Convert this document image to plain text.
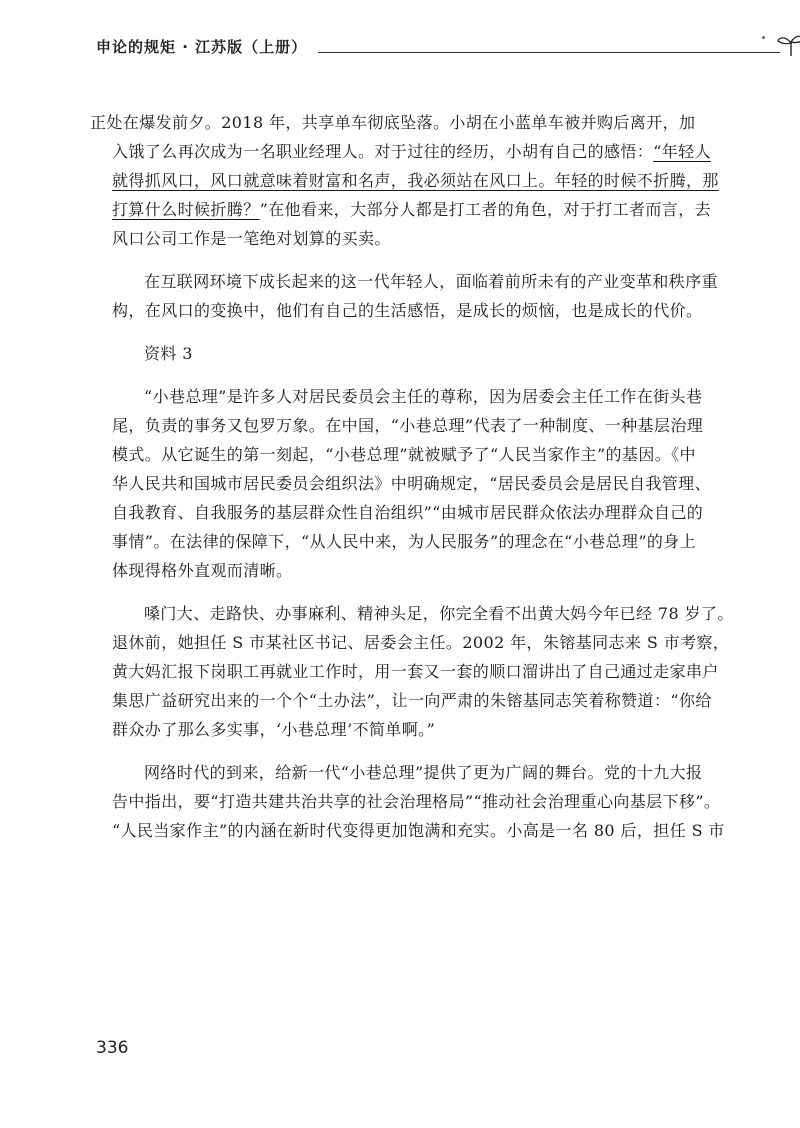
申论的规矩 · 江苏版（上册）

正处在爆发前夕。2018 年，共享单车彻底坠落。小胡在小蓝单车被并购后离开，加
入饿了么再次成为一名职业经理人。对于过往的经历，小胡有自己的感悟：“年轻人
就得抓风口，风口就意味着财富和名声，我必须站在风口上。年轻的时候不折腾，那
打算什么时候折腾？”在他看来，大部分人都是打工者的角色，对于打工者而言，去
风口公司工作是一笔绝对划算的买卖。

在互联网环境下成长起来的这一代年轻人，面临着前所未有的产业变革和秩序重
构，在风口的变换中，他们有自己的生活感悟，是成长的烦恼，也是成长的代价。

资料 3

“小巷总理”是许多人对居民委员会主任的尊称，因为居委会主任工作在街头巷
尾，负责的事务又包罗万象。在中国，“小巷总理”代表了一种制度、一种基层治理
模式。从它诞生的第一刻起，“小巷总理”就被赋予了“人民当家作主”的基因。《中
华人民共和国城市居民委员会组织法》中明确规定，“居民委员会是居民自我管理、
自我教育、自我服务的基层群众性自治组织”“由城市居民群众依法办理群众自己的
事情”。在法律的保障下，“从人民中来，为人民服务”的理念在“小巷总理”的身上
体现得格外直观而清晰。

嗓门大、走路快、办事麻利、精神头足，你完全看不出黄大妈今年已经 78 岁了。
退休前，她担任 S 市某社区书记、居委会主任。2002 年，朱镕基同志来 S 市考察，
黄大妈汇报下岗职工再就业工作时，用一套又一套的顺口溜讲出了自己通过走家串户
集思广益研究出来的一个个“土办法”，让一向严肃的朱镕基同志笑着称赞道：“你给
群众办了那么多实事，‘小巷总理’不简单啊。”

网络时代的到来，给新一代“小巷总理”提供了更为广阔的舞台。党的十九大报
告中指出，要“打造共建共治共享的社会治理格局”“推动社会治理重心向基层下移”。
“人民当家作主”的内涵在新时代变得更加饱满和充实。小高是一名 80 后，担任 S 市

336
